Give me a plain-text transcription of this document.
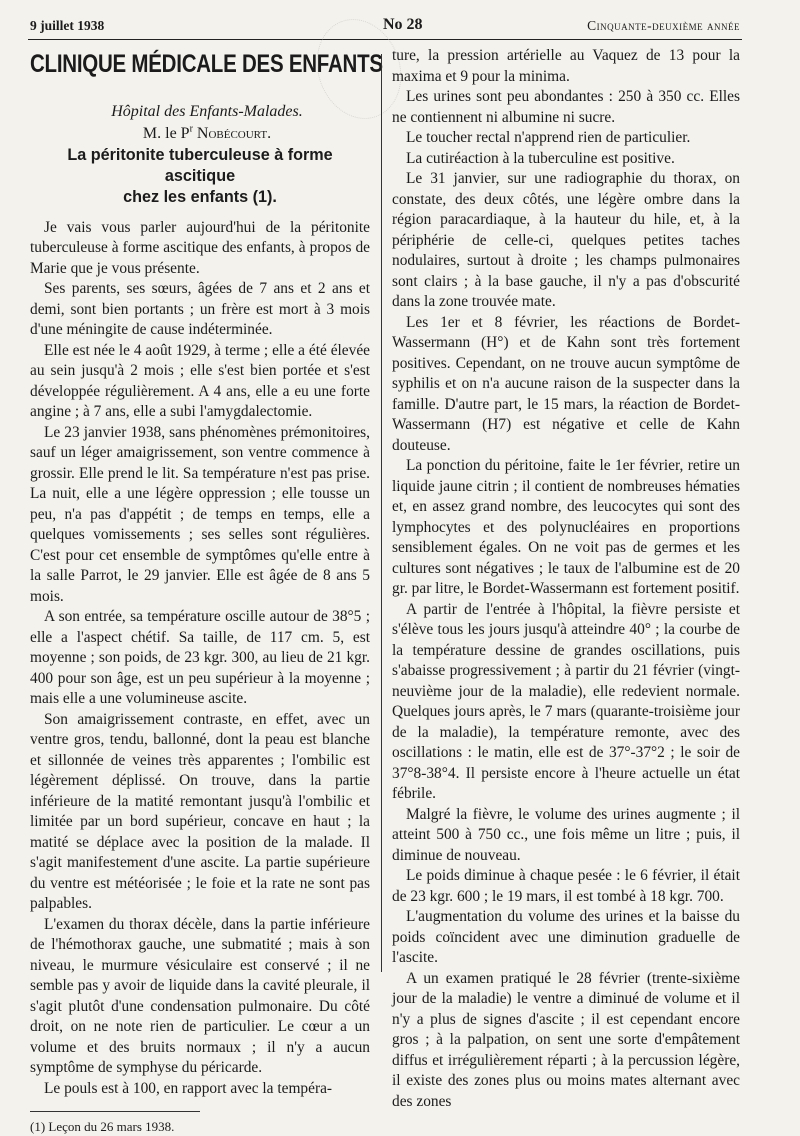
9 juillet 1938	No 28	Cinquante-deuxième année
CLINIQUE MÉDICALE DES ENFANTS

Hôpital des Enfants-Malades.

M. le $P^r$ Nobécourt.

La péritonite tuberculeuse à forme ascitique
chez les enfants (1).

Je vais vous parler aujourd'hui de la péritonite tuberculeuse à forme ascitique des enfants, à propos de Marie que je vous présente.

Ses parents, ses sœurs, âgées de 7 ans et 2 ans et demi, sont bien portants ; un frère est mort à 3 mois d'une méningite de cause indéterminée.

Elle est née le 4 août 1929, à terme ; elle a été élevée au sein jusqu'à 2 mois ; elle s'est bien portée et s'est développée régulièrement. A 4 ans, elle a eu une forte angine ; à 7 ans, elle a subi l'amygdalectomie.

Le 23 janvier 1938, sans phénomènes prémonitoires, sauf un léger amaigrissement, son ventre commence à grossir. Elle prend le lit. Sa température n'est pas prise. La nuit, elle a une légère oppression ; elle tousse un peu, n'a pas d'appétit ; de temps en temps, elle a quelques vomissements ; ses selles sont régulières. C'est pour cet ensemble de symptômes qu'elle entre à la salle Parrot, le 29 janvier. Elle est âgée de 8 ans 5 mois.

A son entrée, sa température oscille autour de 38°5 ; elle a l'aspect chétif. Sa taille, de 117 cm. 5, est moyenne ; son poids, de 23 kgr. 300, au lieu de 21 kgr. 400 pour son âge, est un peu supérieur à la moyenne ; mais elle a une volumineuse ascite.

Son amaigrissement contraste, en effet, avec un ventre gros, tendu, ballonné, dont la peau est blanche et sillonnée de veines très apparentes ; l'ombilic est légèrement déplissé. On trouve, dans la partie inférieure de la matité remontant jusqu'à l'ombilic et limitée par un bord supérieur, concave en haut ; la matité se déplace avec la position de la malade. Il s'agit manifestement d'une ascite. La partie supérieure du ventre est météorisée ; le foie et la rate ne sont pas palpables.

L'examen du thorax décèle, dans la partie inférieure de l'hémothorax gauche, une submatité ; mais à son niveau, le murmure vésiculaire est conservé ; il ne semble pas y avoir de liquide dans la cavité pleurale, il s'agit plutôt d'une condensation pulmonaire. Du côté droit, on ne note rien de particulier. Le cœur a un volume et des bruits normaux ; il n'y a aucun symptôme de symphyse du péricarde.

Le pouls est à 100, en rapport avec la tempéra-

(1) Leçon du 26 mars 1938.

ture, la pression artérielle au Vaquez de 13 pour la maxima et 9 pour la minima.

Les urines sont peu abondantes : 250 à 350 cc. Elles ne contiennent ni albumine ni sucre.

Le toucher rectal n'apprend rien de particulier.

La cutiréaction à la tuberculine est positive.

Le 31 janvier, sur une radiographie du thorax, on constate, des deux côtés, une légère ombre dans la région paracardiaque, à la hauteur du hile, et, à la périphérie de celle-ci, quelques petites taches nodulaires, surtout à droite ; les champs pulmonaires sont clairs ; à la base gauche, il n'y a pas d'obscurité dans la zone trouvée mate.

Les 1er et 8 février, les réactions de Bordet-Wassermann (H°) et de Kahn sont très fortement positives. Cependant, on ne trouve aucun symptôme de syphilis et on n'a aucune raison de la suspecter dans la famille. D'autre part, le 15 mars, la réaction de Bordet-Wassermann (H7) est négative et celle de Kahn douteuse.

La ponction du péritoine, faite le 1er février, retire un liquide jaune citrin ; il contient de nombreuses hématies et, en assez grand nombre, des leucocytes qui sont des lymphocytes et des polynucléaires en proportions sensiblement égales. On ne voit pas de germes et les cultures sont négatives ; le taux de l'albumine est de 20 gr. par litre, le Bordet-Wassermann est fortement positif.

A partir de l'entrée à l'hôpital, la fièvre persiste et s'élève tous les jours jusqu'à atteindre 40° ; la courbe de la température dessine de grandes oscillations, puis s'abaisse progressivement ; à partir du 21 février (vingt-neuvième jour de la maladie), elle redevient normale. Quelques jours après, le 7 mars (quarante-troisième jour de la maladie), la température remonte, avec des oscillations : le matin, elle est de 37°-37°2 ; le soir de 37°8-38°4. Il persiste encore à l'heure actuelle un état fébrile.

Malgré la fièvre, le volume des urines augmente ; il atteint 500 à 750 cc., une fois même un litre ; puis, il diminue de nouveau.

Le poids diminue à chaque pesée : le 6 février, il était de 23 kgr. 600 ; le 19 mars, il est tombé à 18 kgr. 700.

L'augmentation du volume des urines et la baisse du poids coïncident avec une diminution graduelle de l'ascite.

A un examen pratiqué le 28 février (trente-sixième jour de la maladie) le ventre a diminué de volume et il n'y a plus de signes d'ascite ; il est cependant encore gros ; à la palpation, on sent une sorte d'empâtement diffus et irrégulièrement réparti ; à la percussion légère, il existe des zones plus ou moins mates alternant avec des zones
